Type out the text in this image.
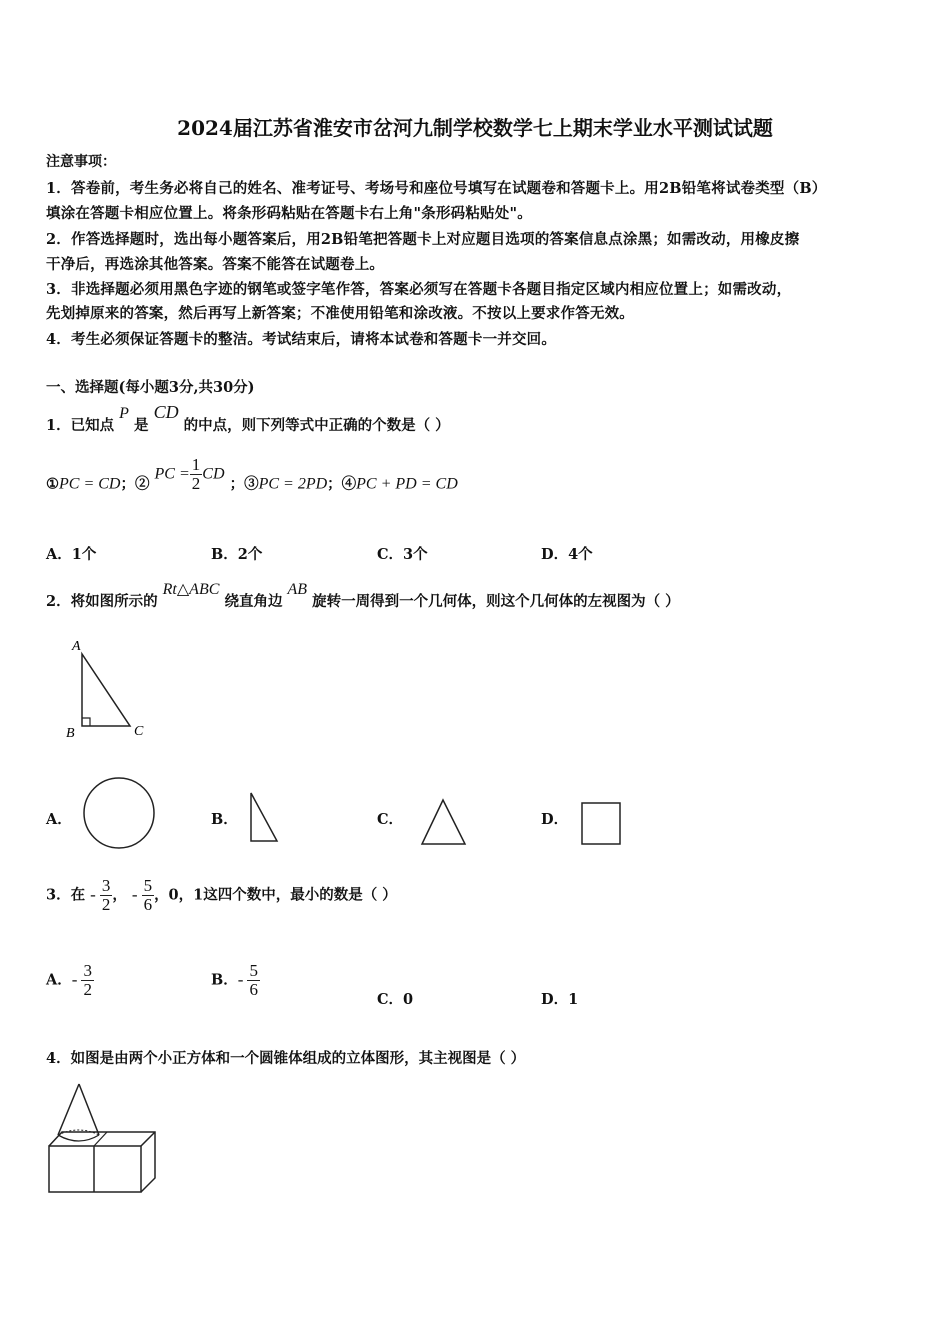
2024届江苏省淮安市岔河九制学校数学七上期末学业水平测试试题
注意事项：
1．答卷前，考生务必将自己的姓名、准考证号、考场号和座位号填写在试题卷和答题卡上。用2B铅笔将试卷类型（B）
填涂在答题卡相应位置上。将条形码粘贴在答题卡右上角"条形码粘贴处"。
2．作答选择题时，选出每小题答案后，用2B铅笔把答题卡上对应题目选项的答案信息点涂黑；如需改动，用橡皮擦
干净后，再选涂其他答案。答案不能答在试题卷上。
3．非选择题必须用黑色字迹的钢笔或签字笔作答，答案必须写在答题卡各题目指定区域内相应位置上；如需改动，
先划掉原来的答案，然后再写上新答案；不准使用铅笔和涂改液。不按以上要求作答无效。
4．考生必须保证答题卡的整洁。考试结束后，请将本试卷和答题卡一并交回。
一、选择题(每小题3分,共30分)
1．已知点 P 是 CD 的中点，则下列等式中正确的个数是（ ）
①PC = CD；② PC = $\frac{1}{2}$ CD ；③PC = 2PD；④PC + PD = CD
A．1个	B．2个	C．3个	D．4个
2．将如图所示的 Rt△ABC 绕直角边 AB 旋转一周得到一个几何体，则这个几何体的左视图为（ ）
A
B	C
A．	B．	C．	D．
3．在 - $\frac{3}{2}$ ， - $\frac{5}{6}$ ，0，1这四个数中，最小的数是（ ）
A．- $\frac{3}{2}$	B．- $\frac{5}{6}$
C．0	D．1
4．如图是由两个小正方体和一个圆锥体组成的立体图形，其主视图是（ ）
